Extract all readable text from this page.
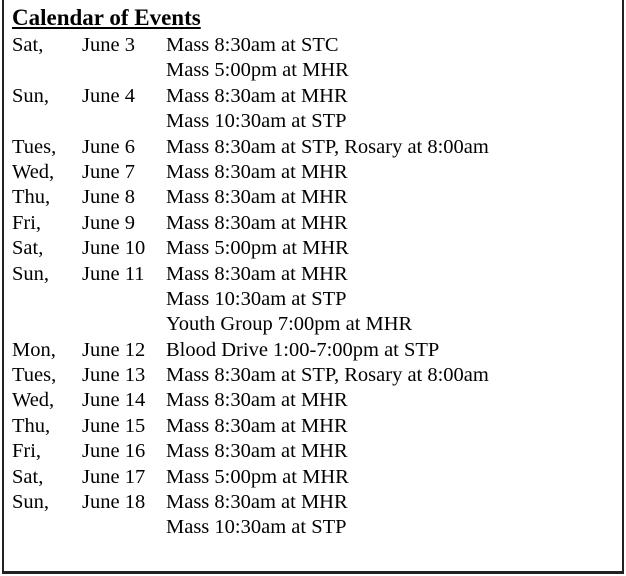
Calendar of Events
Sat,	June 3	Mass 8:30am at STC
Mass 5:00pm at MHR
Sun,	June 4	Mass 8:30am at MHR
Mass 10:30am at STP
Tues,	June 6	Mass 8:30am at STP, Rosary at 8:00am
Wed,	June 7	Mass 8:30am at MHR
Thu,	June 8	Mass 8:30am at MHR
Fri,	June 9	Mass 8:30am at MHR
Sat,	June 10	Mass 5:00pm at MHR
Sun,	June 11	Mass 8:30am at MHR
Mass 10:30am at STP
Youth Group 7:00pm at MHR
Mon,	June 12	Blood Drive 1:00-7:00pm at STP
Tues,	June 13	Mass 8:30am at STP, Rosary at 8:00am
Wed,	June 14	Mass 8:30am at MHR
Thu,	June 15	Mass 8:30am at MHR
Fri,	June 16	Mass 8:30am at MHR
Sat,	June 17	Mass 5:00pm at MHR
Sun,	June 18	Mass 8:30am at MHR
Mass 10:30am at STP
